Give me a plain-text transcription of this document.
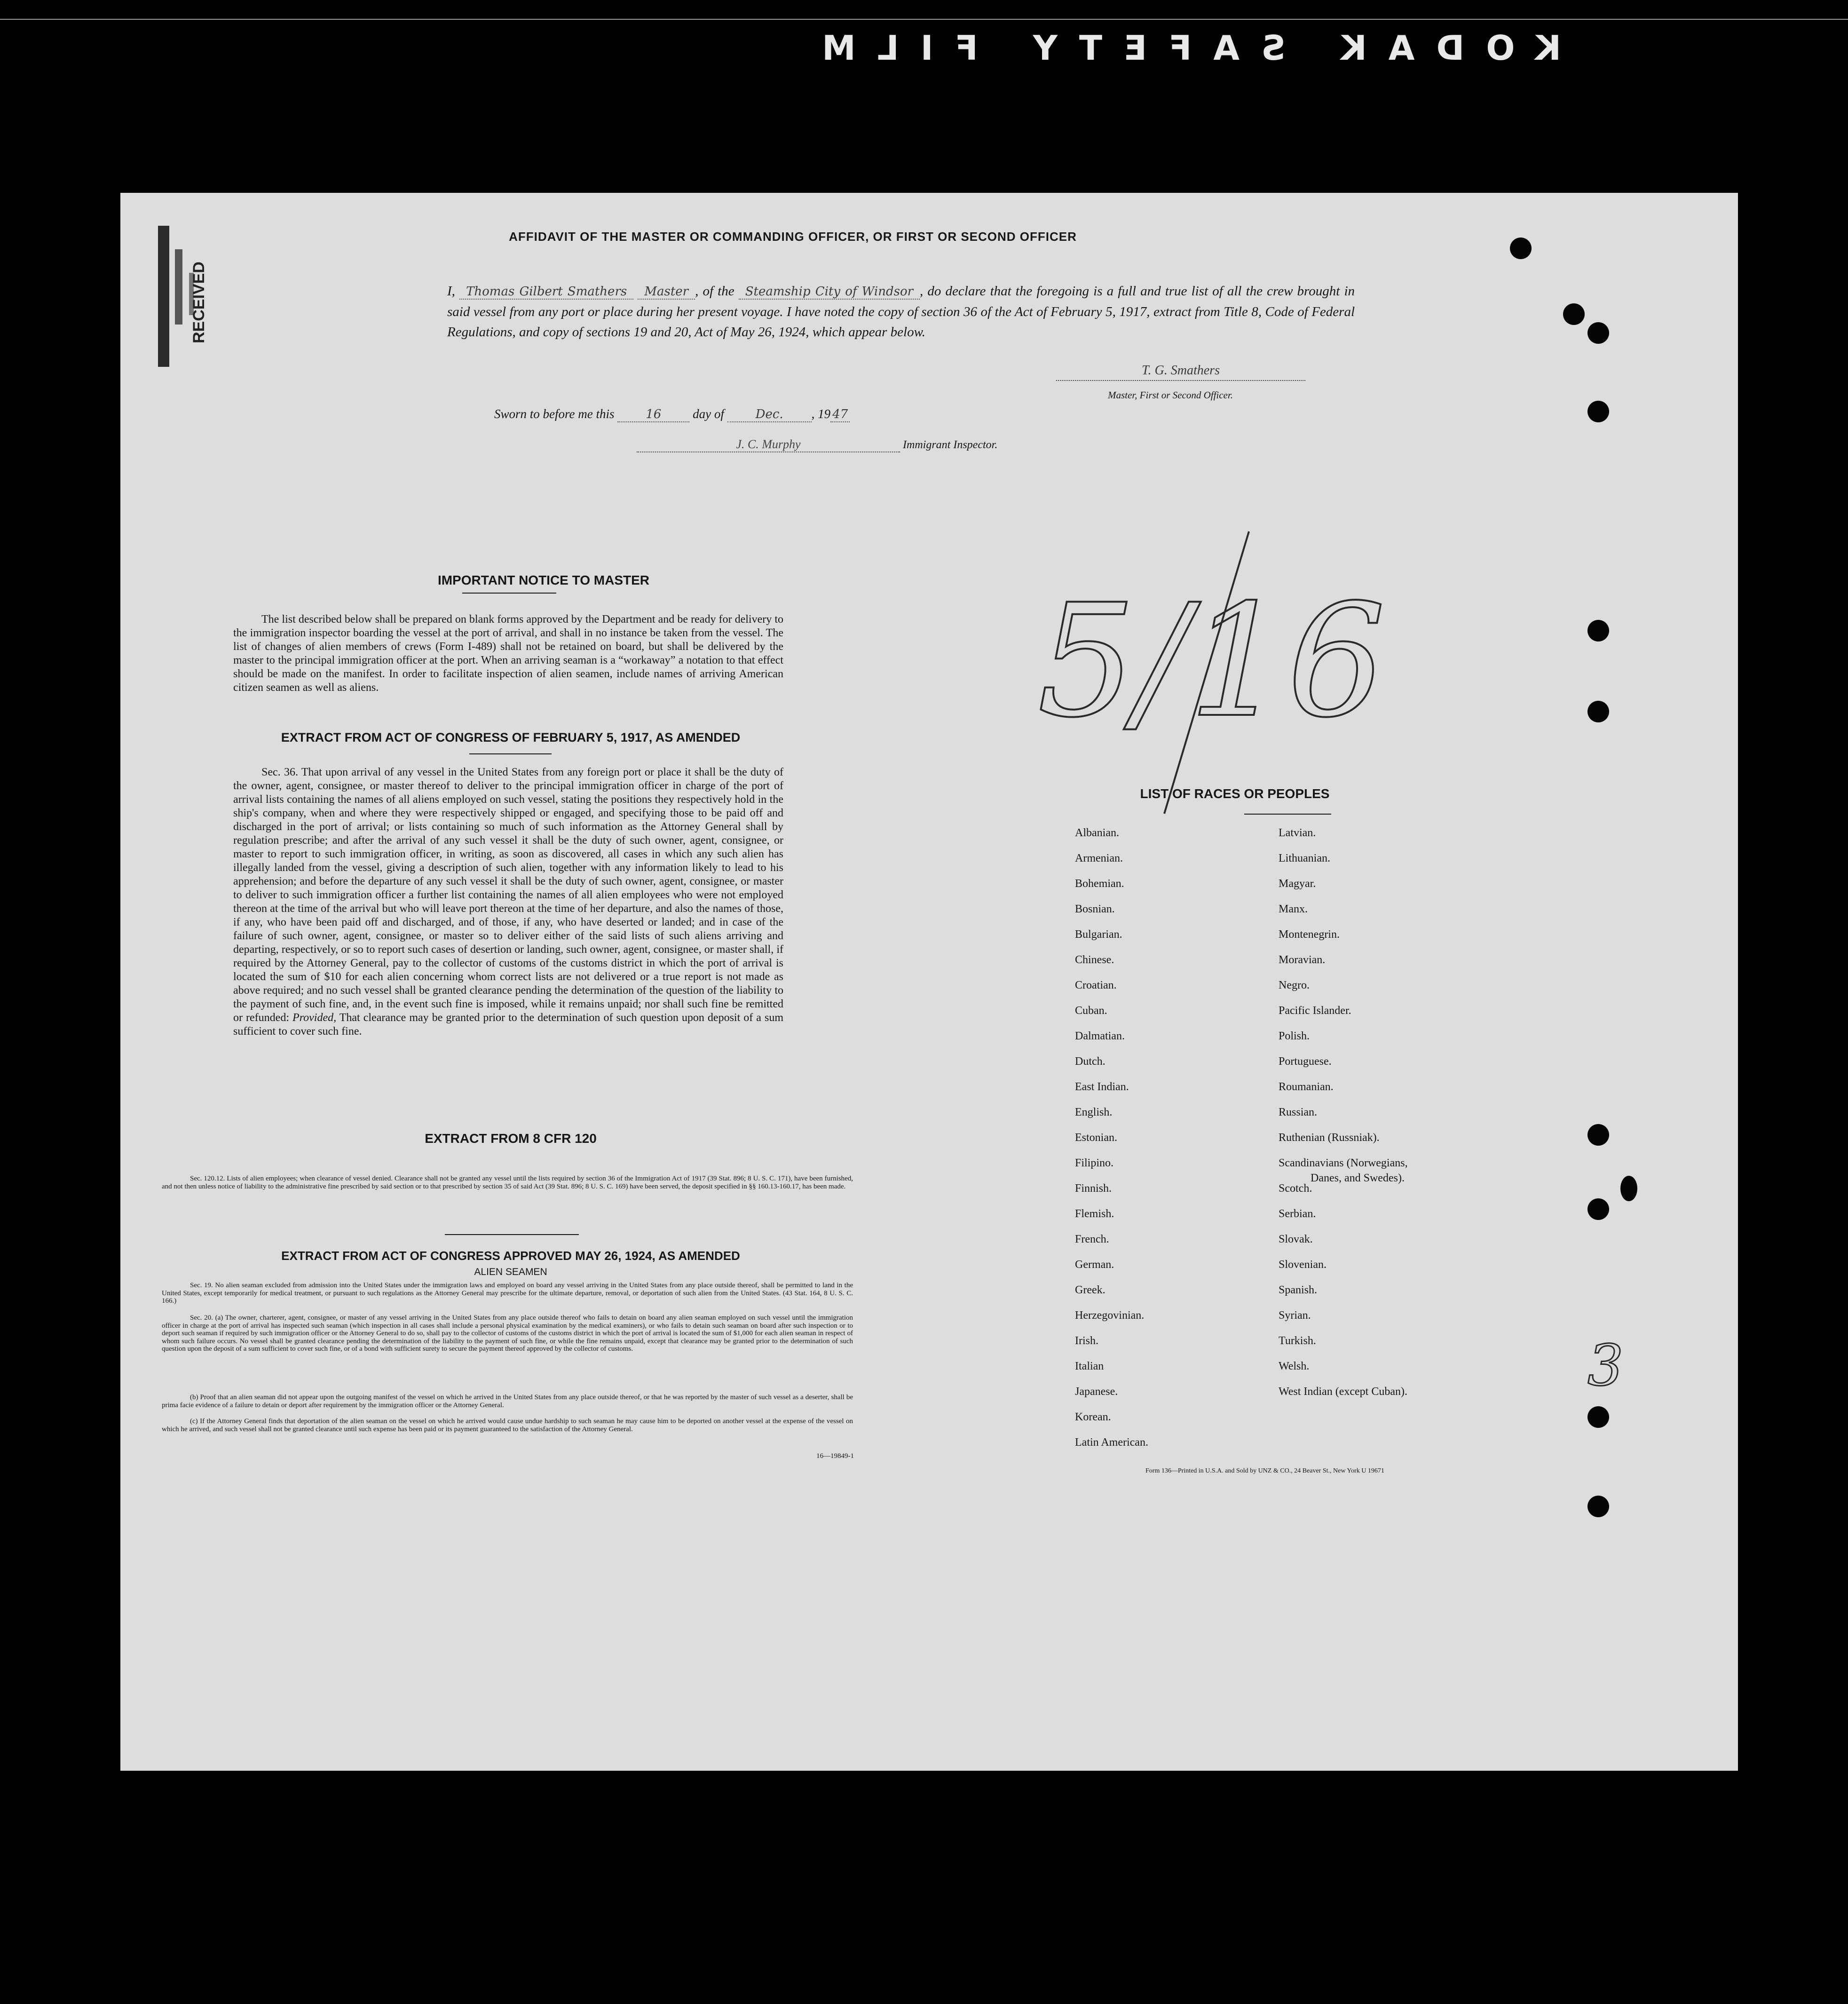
KODAK SAFETY FILM
RECEIVED
AFFIDAVIT OF THE MASTER OR COMMANDING OFFICER, OR FIRST OR SECOND OFFICER
I, Thomas Gilbert Smathers Master , of the Steamship City of Windsor , do declare that the foregoing is a full and true list of all the crew brought in said vessel from any port or place during her present voyage. I have noted the copy of section 36 of the Act of February 5, 1917, extract from Title 8, Code of Federal Regulations, and copy of sections 19 and 20, Act of May 26, 1924, which appear below.
T. G. Smathers
Master, First or Second Officer.
Sworn to before me this	16 day of	Dec. , 19 47
J. C. Murphy	Immigrant Inspector.
5/16
IMPORTANT NOTICE TO MASTER
The list described below shall be prepared on blank forms approved by the Department and be ready for delivery to the immigration inspector boarding the vessel at the port of arrival, and shall in no instance be taken from the vessel. The list of changes of alien members of crews (Form I-489) shall not be retained on board, but shall be delivered by the master to the principal immigration officer at the port. When an arriving seaman is a “workaway” a notation to that effect should be made on the manifest. In order to facilitate inspection of alien seamen, include names of arriving American citizen seamen as well as aliens.
EXTRACT FROM ACT OF CONGRESS OF FEBRUARY 5, 1917, AS AMENDED
Sec. 36. That upon arrival of any vessel in the United States from any foreign port or place it shall be the duty of the owner, agent, consignee, or master thereof to deliver to the principal immigration officer in charge of the port of arrival lists containing the names of all aliens employed on such vessel, stating the positions they respectively hold in the ship's company, when and where they were respectively shipped or engaged, and specifying those to be paid off and discharged in the port of arrival; or lists containing so much of such information as the Attorney General shall by regulation prescribe; and after the arrival of any such vessel it shall be the duty of such owner, agent, consignee, or master to report to such immigration officer, in writing, as soon as discovered, all cases in which any such alien has illegally landed from the vessel, giving a description of such alien, together with any information likely to lead to his apprehension; and before the departure of any such vessel it shall be the duty of such owner, agent, consignee, or master to deliver to such immigration officer a further list containing the names of all alien employees who were not employed thereon at the time of the arrival but who will leave port thereon at the time of her departure, and also the names of those, if any, who have been paid off and discharged, and of those, if any, who have deserted or landed; and in case of the failure of such owner, agent, consignee, or master so to deliver either of the said lists of such aliens arriving and departing, respectively, or so to report such cases of desertion or landing, such owner, agent, consignee, or master shall, if required by the Attorney General, pay to the collector of customs of the customs district in which the port of arrival is located the sum of $10 for each alien concerning whom correct lists are not delivered or a true report is not made as above required; and no such vessel shall be granted clearance pending the determination of the question of the liability to the payment of such fine, and, in the event such fine is imposed, while it remains unpaid; nor shall such fine be remitted or refunded: Provided, That clearance may be granted prior to the determination of such question upon deposit of a sum sufficient to cover such fine.
EXTRACT FROM 8 CFR 120
Sec. 120.12. Lists of alien employees; when clearance of vessel denied. Clearance shall not be granted any vessel until the lists required by section 36 of the Immigration Act of 1917 (39 Stat. 896; 8 U. S. C. 171), have been furnished, and not then unless notice of liability to the administrative fine prescribed by said section or to that prescribed by section 35 of said Act (39 Stat. 896; 8 U. S. C. 169) have been served, the deposit specified in §§ 160.13-160.17, has been made.
EXTRACT FROM ACT OF CONGRESS APPROVED MAY 26, 1924, AS AMENDED
ALIEN SEAMEN
Sec. 19. No alien seaman excluded from admission into the United States under the immigration laws and employed on board any vessel arriving in the United States from any place outside thereof, shall be permitted to land in the United States, except temporarily for medical treatment, or pursuant to such regulations as the Attorney General may prescribe for the ultimate departure, removal, or deportation of such alien from the United States. (43 Stat. 164, 8 U. S. C. 166.)
Sec. 20. (a) The owner, charterer, agent, consignee, or master of any vessel arriving in the United States from any place outside thereof who fails to detain on board any alien seaman employed on such vessel until the immigration officer in charge at the port of arrival has inspected such seaman (which inspection in all cases shall include a personal physical examination by the medical examiners), or who fails to detain such seaman on board after such inspection or to deport such seaman if required by such immigration officer or the Attorney General to do so, shall pay to the collector of customs of the customs district in which the port of arrival is located the sum of $1,000 for each alien seaman in respect of whom such failure occurs. No vessel shall be granted clearance pending the determination of the liability to the payment of such fine, or while the fine remains unpaid, except that clearance may be granted prior to the determination of such question upon the deposit of a sum sufficient to cover such fine, or of a bond with sufficient surety to secure the payment thereof approved by the collector of customs.
(b) Proof that an alien seaman did not appear upon the outgoing manifest of the vessel on which he arrived in the United States from any place outside thereof, or that he was reported by the master of such vessel as a deserter, shall be prima facie evidence of a failure to detain or deport after requirement by the immigration officer or the Attorney General.
(c) If the Attorney General finds that deportation of the alien seaman on the vessel on which he arrived would cause undue hardship to such seaman he may cause him to be deported on another vessel at the expense of the vessel on which he arrived, and such vessel shall not be granted clearance until such expense has been paid or its payment guaranteed to the satisfaction of the Attorney General.
16—19849-1
LIST OF RACES OR PEOPLES
Albanian.
Armenian.
Bohemian.
Bosnian.
Bulgarian.
Chinese.
Croatian.
Cuban.
Dalmatian.
Dutch.
East Indian.
English.
Estonian.
Filipino.
Finnish.
Flemish.
French.
German.
Greek.
Herzegovinian.
Irish.
Italian
Japanese.
Korean.
Latin American.
Latvian.
Lithuanian.
Magyar.
Manx.
Montenegrin.
Moravian.
Negro.
Pacific Islander.
Polish.
Portuguese.
Roumanian.
Russian.
Ruthenian (Russniak).
Scandinavians (Norwegians,
Danes, and Swedes).
Scotch.
Serbian.
Slovak.
Slovenian.
Spanish.
Syrian.
Turkish.
Welsh.
West Indian (except Cuban).
Form 136—Printed in U.S.A. and Sold by UNZ & CO., 24 Beaver St., New York U 19671
3
